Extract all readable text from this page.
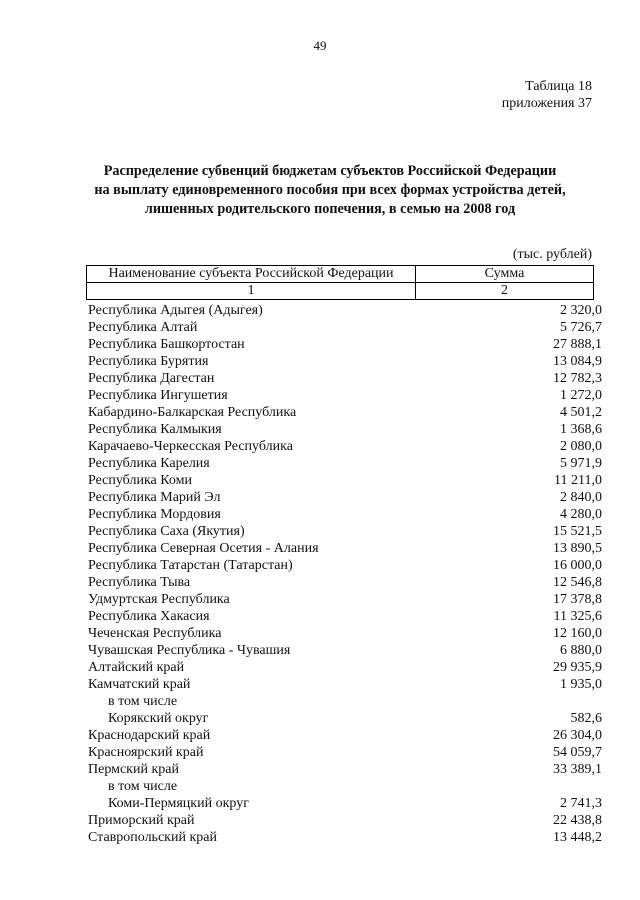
49
Таблица 18
приложения 37
Распределение субвенций бюджетам субъектов Российской Федерации
на выплату единовременного пособия при всех формах устройства детей,
лишенных родительского попечения, в семью на 2008 год
(тыс. рублей)
Наименование субъекта Российской Федерации	Сумма
1	2
Республика Адыгея (Адыгея)	2 320,0
Республика Алтай	5 726,7
Республика Башкортостан	27 888,1
Республика Бурятия	13 084,9
Республика Дагестан	12 782,3
Республика Ингушетия	1 272,0
Кабардино-Балкарская Республика	4 501,2
Республика Калмыкия	1 368,6
Карачаево-Черкесская Республика	2 080,0
Республика Карелия	5 971,9
Республика Коми	11 211,0
Республика Марий Эл	2 840,0
Республика Мордовия	4 280,0
Республика Саха (Якутия)	15 521,5
Республика Северная Осетия - Алания	13 890,5
Республика Татарстан (Татарстан)	16 000,0
Республика Тыва	12 546,8
Удмуртская Республика	17 378,8
Республика Хакасия	11 325,6
Чеченская Республика	12 160,0
Чувашская Республика - Чувашия	6 880,0
Алтайский край	29 935,9
Камчатский край	1 935,0
в том числе
Корякский округ	582,6
Краснодарский край	26 304,0
Красноярский край	54 059,7
Пермский край	33 389,1
в том числе
Коми-Пермяцкий округ	2 741,3
Приморский край	22 438,8
Ставропольский край	13 448,2
